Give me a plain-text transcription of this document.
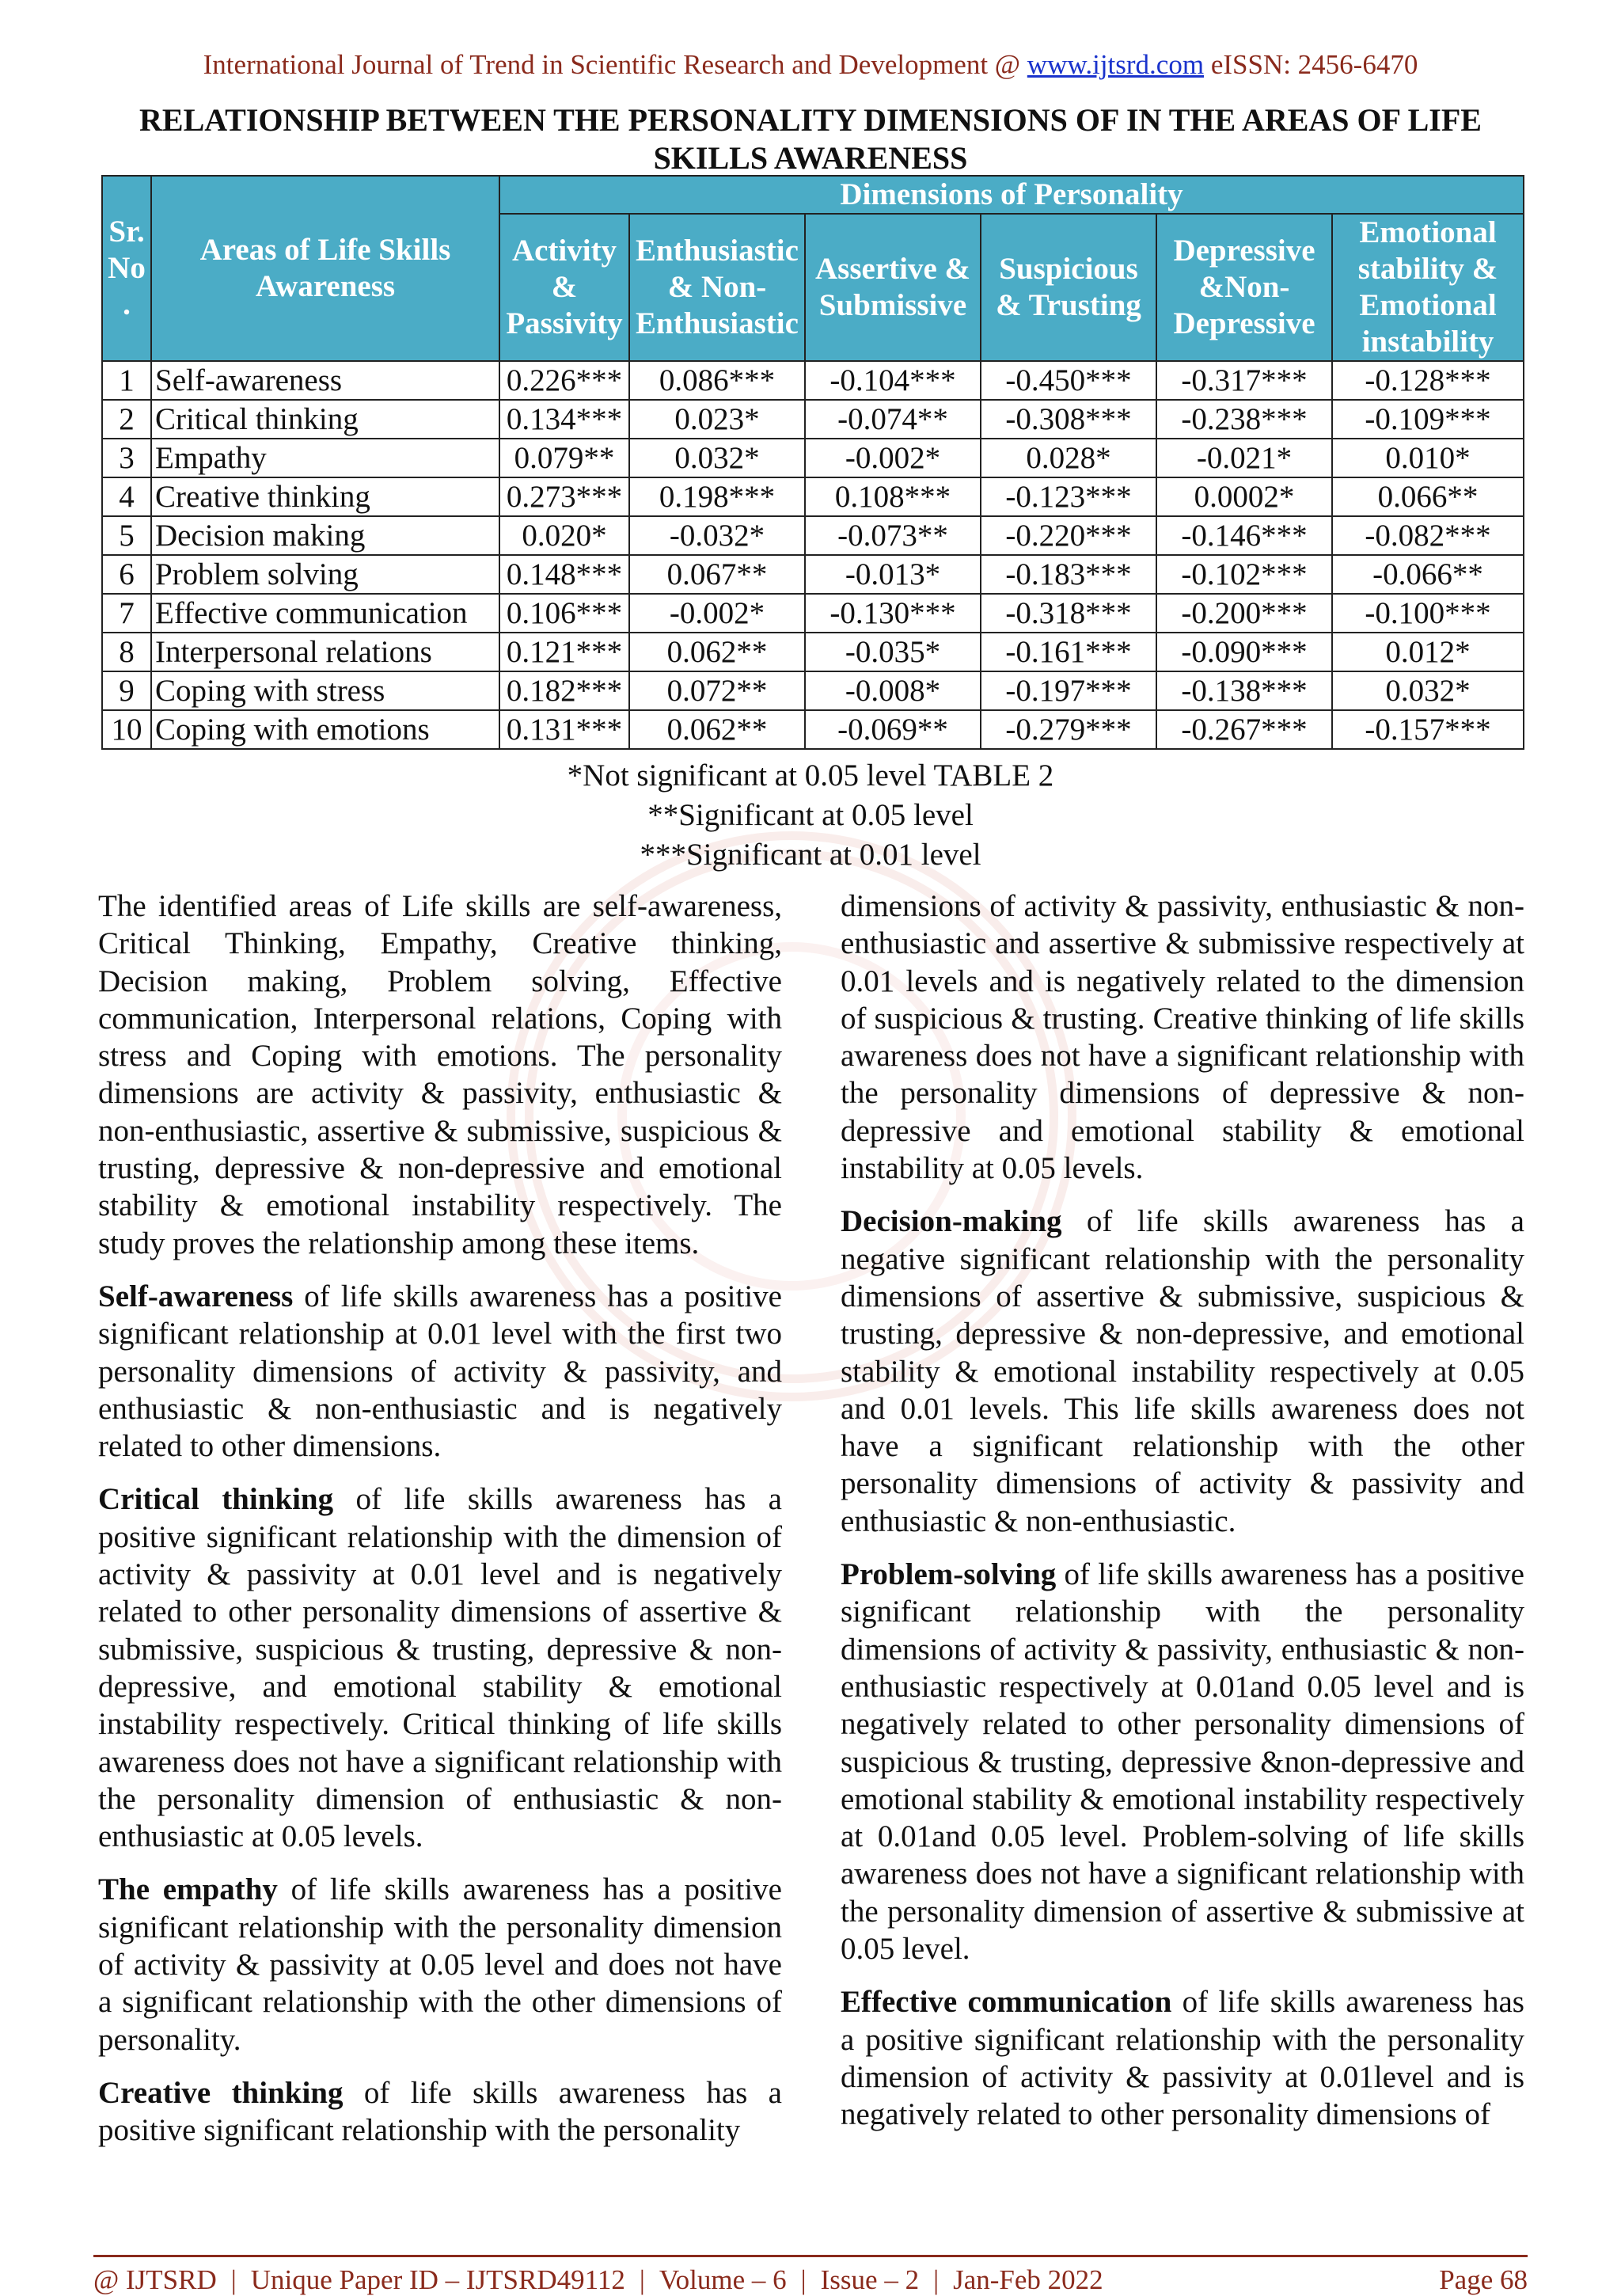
International Journal of Trend in Scientific Research and Development @ www.ijtsrd.com eISSN: 2456-6470
RELATIONSHIP BETWEEN THE PERSONALITY DIMENSIONS OF IN THE AREAS OF LIFE SKILLS AWARENESS
Sr. No .	Areas of Life Skills Awareness	Dimensions of Personality					
		Activity & Passivity	Enthusiastic & Non-Enthusiastic	Assertive & Submissive	Suspicious & Trusting	Depressive &Non-Depressive	Emotional stability & Emotional instability
1	Self-awareness	0.226***	0.086***	-0.104***	-0.450***	-0.317***	-0.128***
2	Critical thinking	0.134***	0.023*	-0.074**	-0.308***	-0.238***	-0.109***
3	Empathy	0.079**	0.032*	-0.002*	0.028*	-0.021*	0.010*
4	Creative thinking	0.273***	0.198***	0.108***	-0.123***	0.0002*	0.066**
5	Decision making	0.020*	-0.032*	-0.073**	-0.220***	-0.146***	-0.082***
6	Problem solving	0.148***	0.067**	-0.013*	-0.183***	-0.102***	-0.066**
7	Effective communication	0.106***	-0.002*	-0.130***	-0.318***	-0.200***	-0.100***
8	Interpersonal relations	0.121***	0.062**	-0.035*	-0.161***	-0.090***	0.012*
9	Coping with stress	0.182***	0.072**	-0.008*	-0.197***	-0.138***	0.032*
10	Coping with emotions	0.131***	0.062**	-0.069**	-0.279***	-0.267***	-0.157***
*Not significant at 0.05 level TABLE 2
**Significant at 0.05 level
***Significant at 0.01 level

The identified areas of Life skills are self-awareness, Critical Thinking, Empathy, Creative thinking, Decision making, Problem solving, Effective communication, Interpersonal relations, Coping with stress and Coping with emotions. The personality dimensions are activity & passivity, enthusiastic & non-enthusiastic, assertive & submissive, suspicious & trusting, depressive & non-depressive and emotional stability & emotional instability respectively. The study proves the relationship among these items.

Self-awareness of life skills awareness has a positive significant relationship at 0.01 level with the first two personality dimensions of activity & passivity, and enthusiastic & non-enthusiastic and is negatively related to other dimensions.

Critical thinking of life skills awareness has a positive significant relationship with the dimension of activity & passivity at 0.01 level and is negatively related to other personality dimensions of assertive & submissive, suspicious & trusting, depressive & non-depressive, and emotional stability & emotional instability respectively. Critical thinking of life skills awareness does not have a significant relationship with the personality dimension of enthusiastic & non-enthusiastic at 0.05 levels.

The empathy of life skills awareness has a positive significant relationship with the personality dimension of activity & passivity at 0.05 level and does not have a significant relationship with the other dimensions of personality.

Creative thinking of life skills awareness has a positive significant relationship with the personality

dimensions of activity & passivity, enthusiastic & non-enthusiastic and assertive & submissive respectively at 0.01 levels and is negatively related to the dimension of suspicious & trusting. Creative thinking of life skills awareness does not have a significant relationship with the personality dimensions of depressive & non-depressive and emotional stability & emotional instability at 0.05 levels.

Decision-making of life skills awareness has a negative significant relationship with the personality dimensions of assertive & submissive, suspicious & trusting, depressive & non-depressive, and emotional stability & emotional instability respectively at 0.05 and 0.01 levels. This life skills awareness does not have a significant relationship with the other personality dimensions of activity & passivity and enthusiastic & non-enthusiastic.

Problem-solving of life skills awareness has a positive significant relationship with the personality dimensions of activity & passivity, enthusiastic & non-enthusiastic respectively at 0.01and 0.05 level and is negatively related to other personality dimensions of suspicious & trusting, depressive &non-depressive and emotional stability & emotional instability respectively at 0.01and 0.05 level. Problem-solving of life skills awareness does not have a significant relationship with the personality dimension of assertive & submissive at 0.05 level.

Effective communication of life skills awareness has a positive significant relationship with the personality dimension of activity & passivity at 0.01level and is negatively related to other personality dimensions of

@ IJTSRD | Unique Paper ID – IJTSRD49112 | Volume – 6 | Issue – 2 | Jan-Feb 2022	Page 68
